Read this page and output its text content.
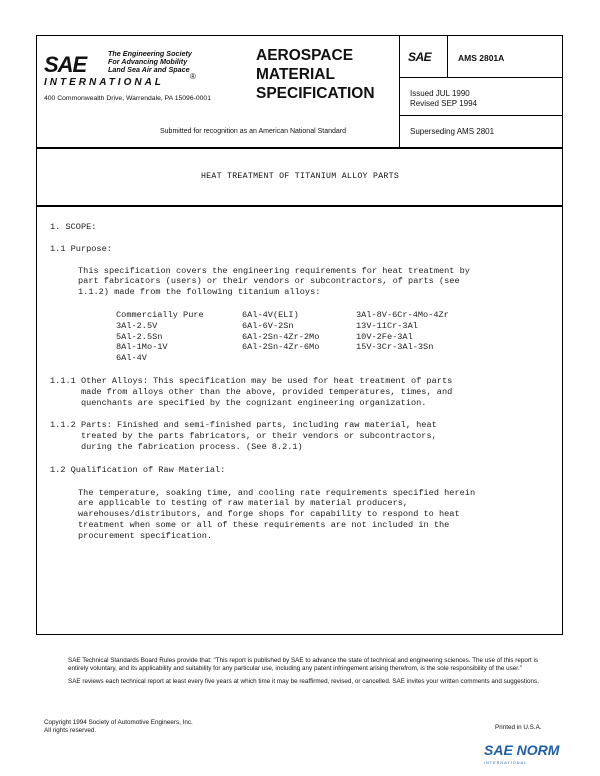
SAE	The Engineering Society
For Advancing Mobility
Land Sea Air and Space
INTERNATIONAL
®
400 Commonwealth Drive, Warrendale, PA 15096-0001
Submitted for recognition as an American National Standard
AEROSPACE
MATERIAL
SPECIFICATION
SAE	AMS 2801A
Issued JUL 1990
Revised SEP 1994
Superseding AMS 2801
HEAT TREATMENT OF TITANIUM ALLOY PARTS

1. SCOPE:

1.1 Purpose:

This specification covers the engineering requirements for heat treatment by

part fabricators (users) or their vendors or subcontractors, of parts (see

1.1.2) made from the following titanium alloys:

Commercially Pure	6Al-4V(ELI)	3Al-8V-6Cr-4Mo-4Zr
3Al-2.5V	6Al-6V-2Sn	13V-11Cr-3Al
5Al-2.5Sn	6Al-2Sn-4Zr-2Mo	10V-2Fe-3Al
8Al-1Mo-1V	6Al-2Sn-4Zr-6Mo	15V-3Cr-3Al-3Sn
6Al-4V

1.1.1 Other Alloys: This specification may be used for heat treatment of parts

made from alloys other than the above, provided temperatures, times, and

quenchants are specified by the cognizant engineering organization.

1.1.2 Parts: Finished and semi-finished parts, including raw material, heat

treated by the parts fabricators, or their vendors or subcontractors,

during the fabrication process. (See 8.2.1)

1.2 Qualification of Raw Material:

The temperature, soaking time, and cooling rate requirements specified herein

are applicable to testing of raw material by material producers,

warehouses/distributors, and forge shops for capability to respond to heat

treatment when some or all of these requirements are not included in the

procurement specification.

SAE Technical Standards Board Rules provide that: "This report is published by SAE to advance the state of technical and engineering sciences. The use of this report is entirely voluntary, and its applicability and suitability for any particular use, including any patent infringement arising therefrom, is the sole responsibility of the user."

SAE reviews each technical report at least every five years at which time it may be reaffirmed, revised, or cancelled. SAE invites your written comments and suggestions.

Copyright 1994 Society of Automotive Engineers, Inc.
All rights reserved.	Printed in U.S.A.
SAE NORM
INTERNATIONAL
